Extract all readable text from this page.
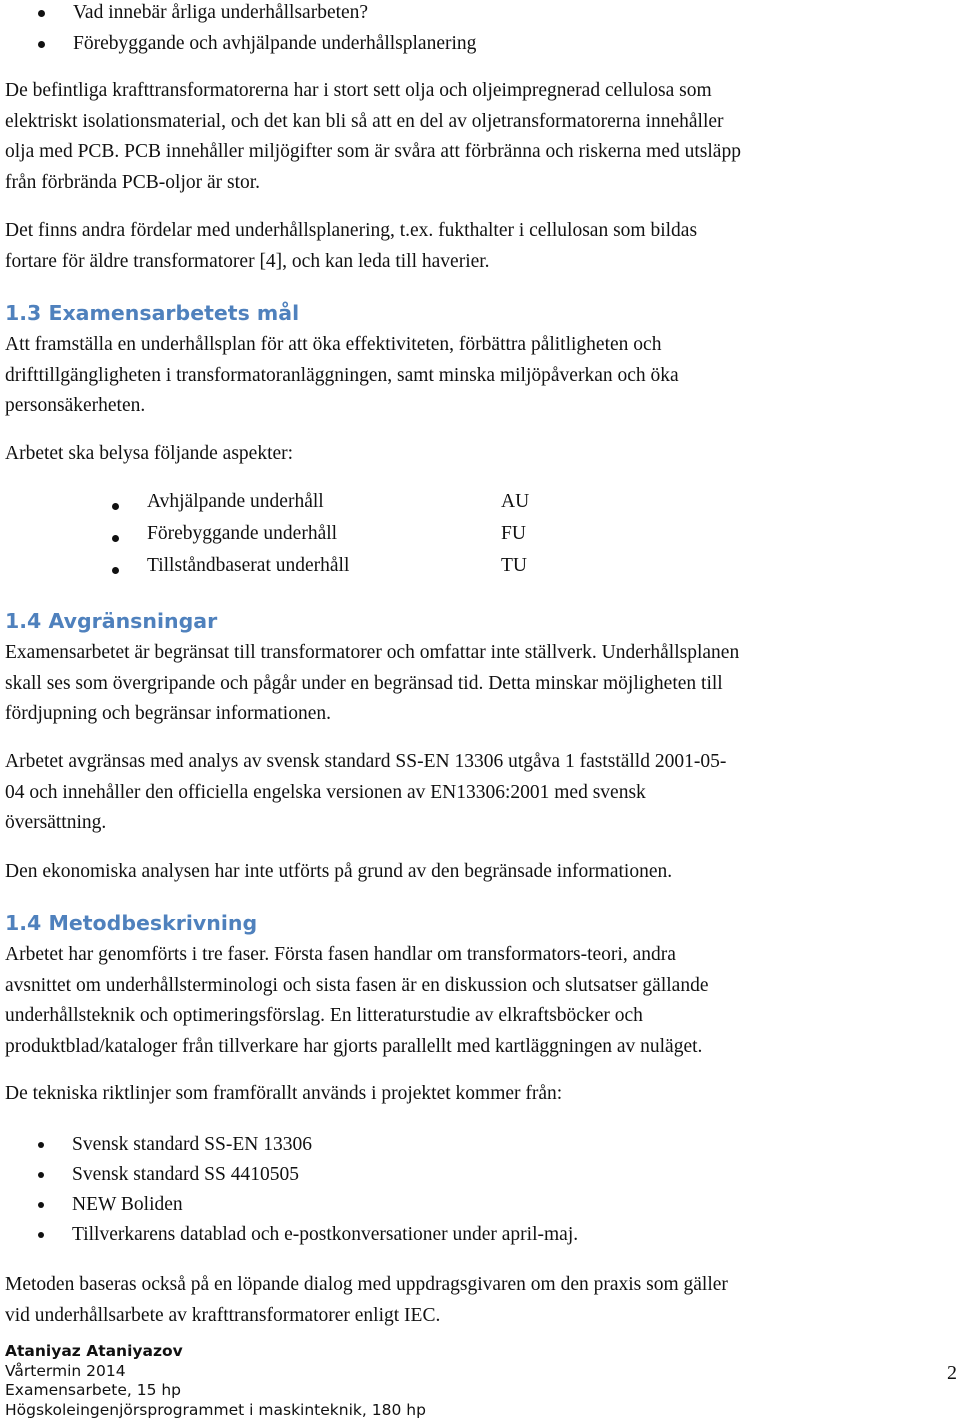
Vad innebär årliga underhållsarbeten?
Förebyggande och avhjälpande underhållsplanering
De befintliga krafttransformatorerna har i stort sett olja och oljeimpregnerad cellulosa som
elektriskt isolationsmaterial, och det kan bli så att en del av oljetransformatorerna innehåller
olja med PCB. PCB innehåller miljögifter som är svåra att förbränna och riskerna med utsläpp
från förbrända PCB-oljor är stor.
Det finns andra fördelar med underhållsplanering, t.ex. fukthalter i cellulosan som bildas
fortare för äldre transformatorer [4], och kan leda till haverier.
1.3 Examensarbetets mål
Att framställa en underhållsplan för att öka effektiviteten, förbättra pålitligheten och
drifttillgängligheten i transformatoranläggningen, samt minska miljöpåverkan och öka
personsäkerheten.
Arbetet ska belysa följande aspekter:
Avhjälpande underhåll	AU
Förebyggande underhåll	FU
Tillståndbaserat underhåll	TU
1.4 Avgränsningar
Examensarbetet är begränsat till transformatorer och omfattar inte ställverk. Underhållsplanen
skall ses som övergripande och pågår under en begränsad tid. Detta minskar möjligheten till
fördjupning och begränsar informationen.
Arbetet avgränsas med analys av svensk standard SS-EN 13306 utgåva 1 fastställd 2001-05-
04 och innehåller den officiella engelska versionen av EN13306:2001 med svensk
översättning.
Den ekonomiska analysen har inte utförts på grund av den begränsade informationen.
1.4 Metodbeskrivning
Arbetet har genomförts i tre faser. Första fasen handlar om transformators-teori, andra
avsnittet om underhållsterminologi och sista fasen är en diskussion och slutsatser gällande
underhållsteknik och optimeringsförslag. En litteraturstudie av elkraftsböcker och
produktblad/kataloger från tillverkare har gjorts parallellt med kartläggningen av nuläget.
De tekniska riktlinjer som framförallt används i projektet kommer från:
Svensk standard SS-EN 13306
Svensk standard SS 4410505
NEW Boliden
Tillverkarens datablad och e-postkonversationer under april-maj.
Metoden baseras också på en löpande dialog med uppdragsgivaren om den praxis som gäller
vid underhållsarbete av krafttransformatorer enligt IEC.
Ataniyaz Ataniyazov
Vårtermin 2014
Examensarbete, 15 hp
Högskoleingenjörsprogrammet i maskinteknik, 180 hp
2
